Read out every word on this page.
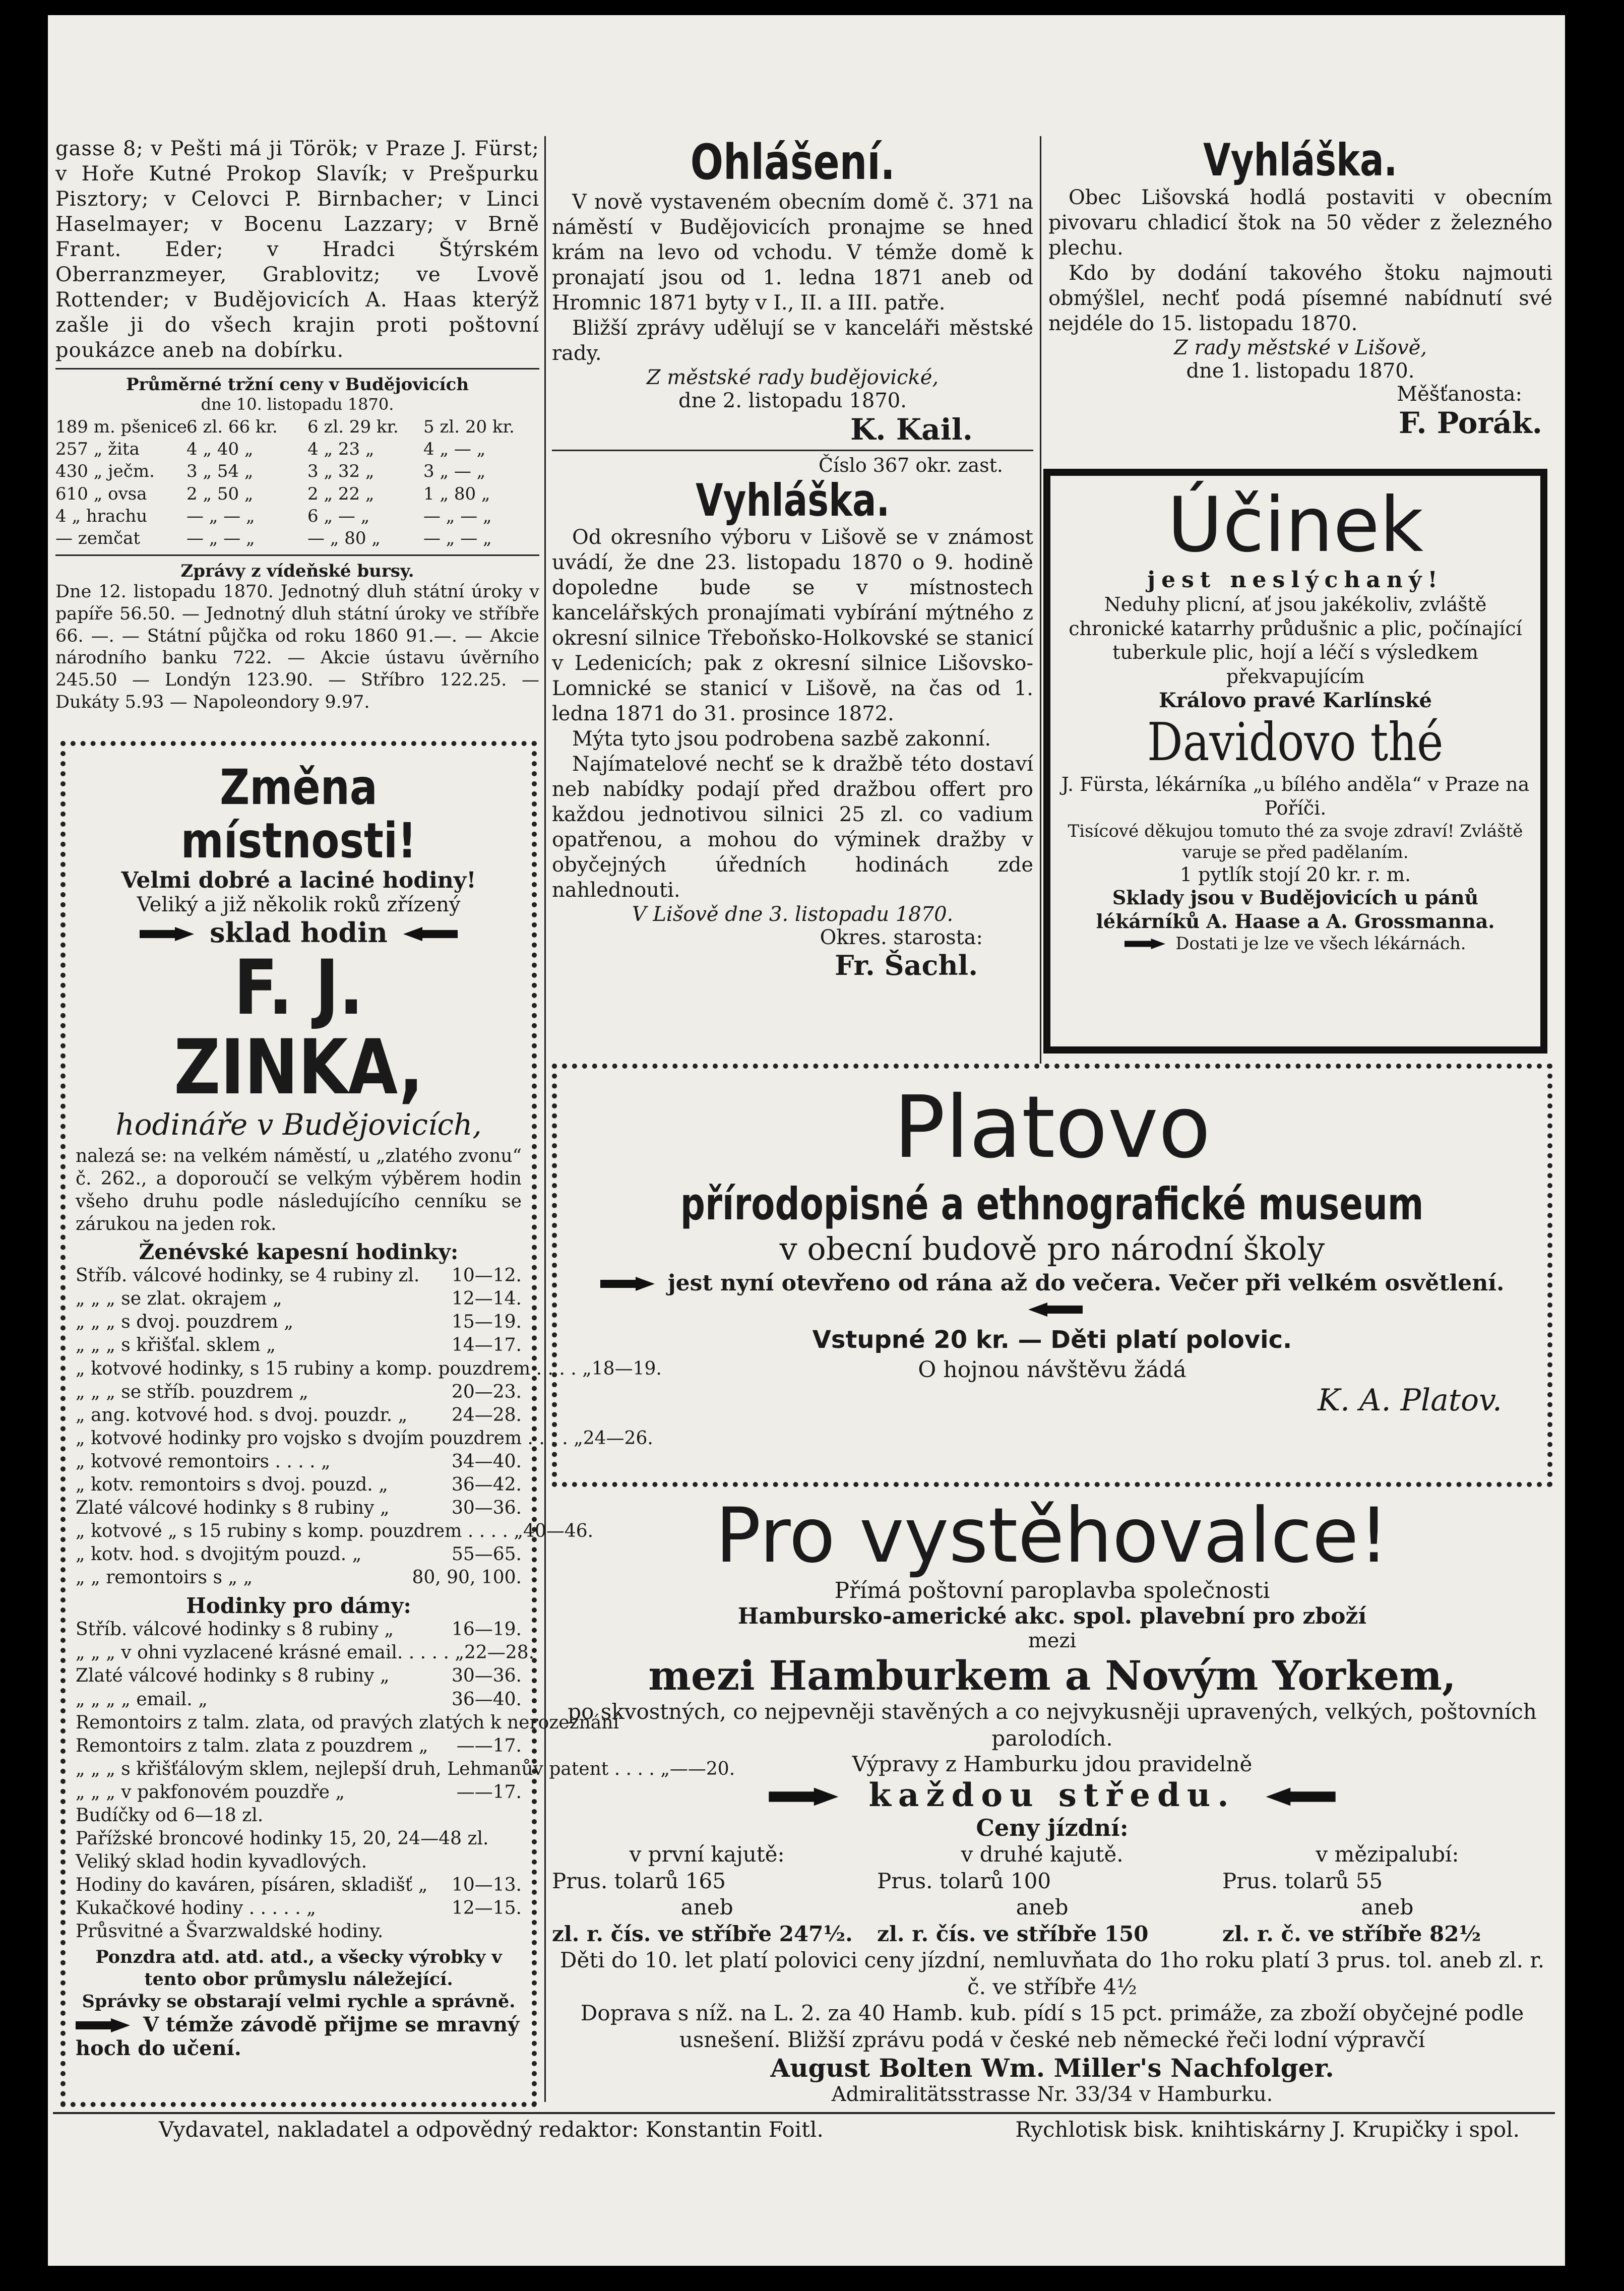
gasse 8; v Pešti má ji Török; v Praze J. Fürst; v Hoře Kutné Prokop Slavík; v Prešpurku Pisztory; v Celovci P. Birnbacher; v Linci Haselmayer; v Bocenu Lazzary; v Brně Frant. Eder; v Hradci Štýrském Oberranzmeyer, Grablovitz; ve Lvově Rottender; v Budějovicích A. Haas kterýž zašle ji do všech krajin proti poštovní poukázce aneb na dobírku.

Průměrné tržní ceny v Budějovicích
dne 10. listopadu 1870.
189 m. pšenice 6 zl. 66 kr.	6 zl. 29 kr.	5 zl. 20 kr.
257 „ žita	4 „ 40 „	4 „ 23 „	4 „ — „
430 „ ječm.	3 „ 54 „	3 „ 32 „	3 „ — „
610 „ ovsa	2 „ 50 „	2 „ 22 „	1 „ 80 „
4 „ hrachu	— „ — „	6 „ — „	— „ — „
— zemčat	— „ — „	— „ 80 „	— „ — „
Zprávy z vídeňské bursy.

Dne 12. listopadu 1870. Jednotný dluh státní úroky v papíře 56.50. — Jednotný dluh státní úroky ve stříbře 66. —. — Státní půjčka od roku 1860 91.—. — Akcie národního banku 722. — Akcie ústavu úvěrního 245.50 — Londýn 123.90. — Stříbro 122.25. — Dukáty 5.93 — Napoleondory 9.97.

Změna místnosti!
Velmi dobré a laciné hodiny!
Veliký a již několik roků zřízený
sklad hodin
F. J. ZINKA,
hodináře v Budějovicích,

nalezá se: na velkém náměstí, u „zlatého zvonu“ č. 262., a doporoučí se velkým výběrem hodin všeho druhu podle následujícího cenníku se zárukou na jeden rok.

Ženévské kapesní hodinky:
Stříb. válcové hodinky, se 4 rubiny zl. 10—12.
„ „ „ se zlat. okrajem „	12—14.
„ „ „ s dvoj. pouzdrem „	15—19.
„ „ „ s křišťal. sklem „	14—17.
„ kotvové hodinky, s 15 rubiny a komp. pouzdrem . . . . „ 18—19.
„ „ „ se stříb. pouzdrem „	20—23.
„ ang. kotvové hod. s dvoj. pouzdr. „ 24—28.
„ kotvové hodinky pro vojsko s dvojím pouzdrem . . . . „ 24—26.
„ kotvové remontoirs . . . . „	34—40.
„ kotv. remontoirs s dvoj. pouzd. „	36—42.
Zlaté válcové hodinky s 8 rubiny „	30—36.
„ kotvové „ s 15 rubiny s komp. pouzdrem . . . . „ 40—46.
„ kotv. hod. s dvojitým pouzd. „	55—65.
„ „ remontoirs s „ „	80, 90, 100.
Hodinky pro dámy:
Stříb. válcové hodinky s 8 rubiny „	16—19.
„ „ „ v ohni vyzlacené krásné email. . . . . „ 22—28.
Zlaté válcové hodinky s 8 rubiny „	30—36.
„ „ „ „ email. „	36—40.
Remontoirs z talm. zlata, od pravých zlatých k nerozeznání
Remontoirs z talm. zlata z pouzdrem „ ——17.
„ „ „ s křišťálovým sklem, nejlepší druh, Lehmanův patent . . . . „ ——20.
„ „ „ v pakfonovém pouzdře „	——17.
Budíčky od 6—18 zl.
Pařížské broncové hodinky 15, 20, 24—48 zl.
Veliký sklad hodin kyvadlových.
Hodiny do kaváren, písáren, skladišť „ 10—13.
Kukačkové hodiny . . . . . „	12—15.
Průsvitné a Švarzwaldské hodiny.

Ponzdra atd. atd. atd., a všecky výrobky v tento obor průmyslu náležející.

Správky se obstarají velmi rychle a správně.

V témže závodě přijme se mravný hoch do učení.
Ohlášení.

V nově vystaveném obecním domě č. 371 na náměstí v Budějovicích pronajme se hned krám na levo od vchodu. V témže domě k pronajatí jsou od 1. ledna 1871 aneb od Hromnic 1871 byty v I., II. a III. patře.

Bližší zprávy udělují se v kanceláři městské rady.

Z městské rady budějovické,
dne 2. listopadu 1870.
K. Kail.
Číslo 367 okr. zast.
Vyhláška.

Od okresního výboru v Lišově se v známost uvádí, že dne 23. listopadu 1870 o 9. hodině dopoledne bude se v místnostech kancelářských pronajímati vybírání mýtného z okresní silnice Třeboňsko-Holkovské se stanicí v Ledenicích; pak z okresní silnice Lišovsko-Lomnické se stanicí v Lišově, na čas od 1. ledna 1871 do 31. prosince 1872.

Mýta tyto jsou podrobena sazbě zakonní.

Najímatelové nechť se k dražbě této dostaví neb nabídky podají před dražbou offert pro každou jednotivou silnici 25 zl. co vadium opatřenou, a mohou do výminek dražby v obyčejných úředních hodinách zde nahlednouti.

V Lišově dne 3. listopadu 1870.
Okres. starosta:
Fr. Šachl.
Vyhláška.

Obec Lišovská hodlá postaviti v obecním pivovaru chladicí štok na 50 věder z železného plechu.

Kdo by dodání takového štoku najmouti obmýšlel, nechť podá písemné nabídnutí své nejdéle do 15. listopadu 1870.

Z rady městské v Lišově,
dne 1. listopadu 1870.
Měšťanosta:
F. Porák.
Účinek
jest neslýchaný!

Neduhy plicní, ať jsou jakékoliv, zvláště chronické katarrhy průdušnic a plic, počínající tuberkule plic, hojí a léčí s výsledkem překvapujícím

Královo pravé Karlínské
Davidovo thé

J. Fürsta, lékárníka „u bílého anděla“ v Praze na Poříči.

Tisícové děkujou tomuto thé za svoje zdraví! Zvláště varuje se před padělaním.

1 pytlík stojí 20 kr. r. m.

Sklady jsou v Budějovicích u pánů lékárníků A. Haase a A. Grossmanna.

Dostati je lze ve všech lékárnách.
Platovo
přírodopisné a ethnografické museum
v obecní budově pro národní školy
jest nyní otevřeno od rána až do večera. Večer při velkém osvětlení.
Vstupné 20 kr. — Děti platí polovic.
O hojnou návštěvu žádá
K. A. Platov.
Pro vystěhovalce!
Přímá poštovní paroplavba společnosti
Hambursko-americké akc. spol. plavební pro zboží
mezi
mezi Hamburkem a Novým Yorkem,

po skvostných, co nejpevněji stavěných a co nejvykusněji upravených, velkých, poštovních parolodích.

Výpravy z Hamburku jdou pravidelně
každou středu.
Ceny jízdní:
v první kajutě:
Prus. tolarů 165
aneb
zl. r. čís. ve stříbře 247½.
v druhé kajutě.
Prus. tolarů 100
aneb
zl. r. čís. ve stříbře 150
v mězipalubí:
Prus. tolarů 55
aneb
zl. r. č. ve stříbře 82½

Děti do 10. let platí polovici ceny jízdní, nemluvňata do 1ho roku platí 3 prus. tol. aneb zl. r. č. ve stříbře 4½

Doprava s níž. na L. 2. za 40 Hamb. kub. pídí s 15 pct. primáže, za zboží obyčejné podle usnešení. Bližší zprávu podá v české neb německé řeči lodní výpravčí

August Bolten Wm. Miller's Nachfolger.
Admiralitätsstrasse Nr. 33/34 v Hamburku.
Vydavatel, nakladatel a odpovědný redaktor: Konstantin Foitl.	Rychlotisk bisk. knihtiskárny J. Krupičky i spol.
